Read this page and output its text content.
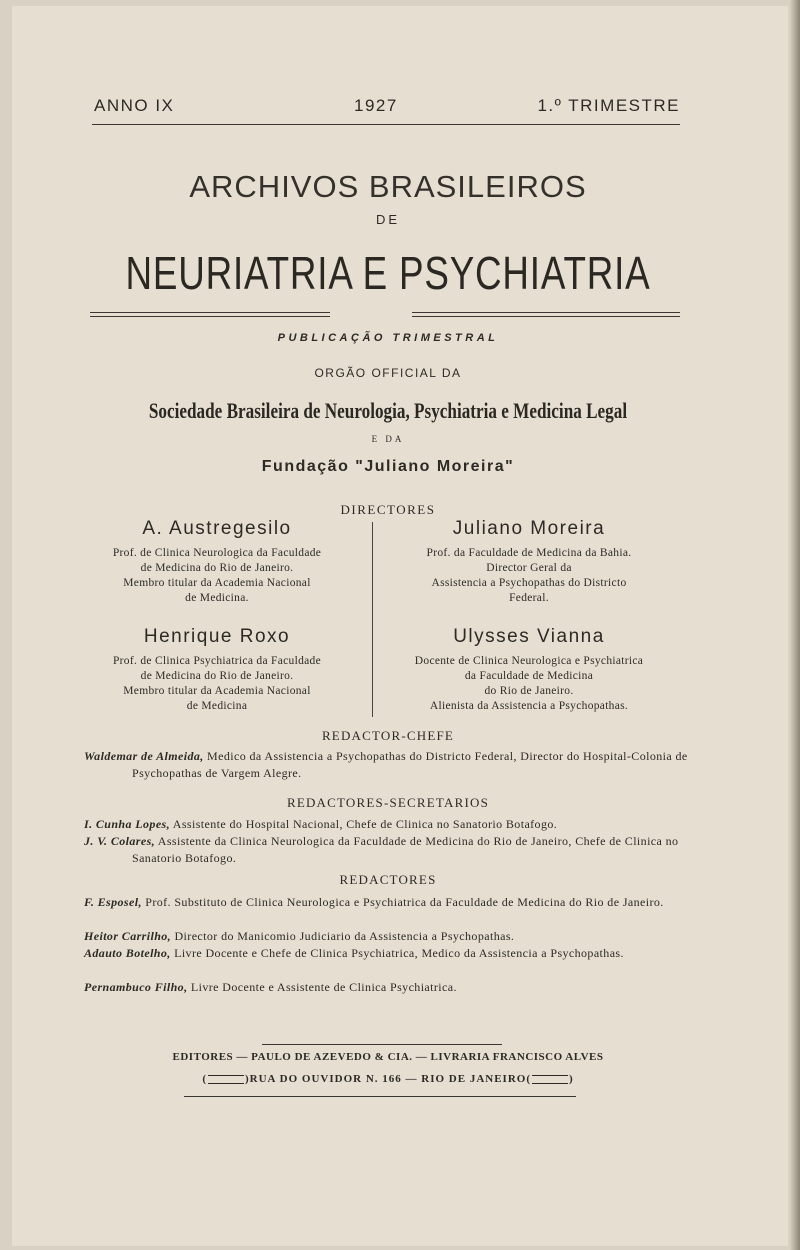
ANNO IX	1927	1.º TRIMESTRE
ARCHIVOS BRASILEIROS
DE
NEURIATRIA E PSYCHIATRIA
PUBLICAÇÃO TRIMESTRAL
ORGÃO OFFICIAL DA
Sociedade Brasileira de Neurologia, Psychiatria e Medicina Legal
E DA
Fundação "Juliano Moreira"
DIRECTORES
A. Austregesilo
Prof. de Clinica Neurologica da Faculdade
de Medicina do Rio de Janeiro.
Membro titular da Academia Nacional
de Medicina.
Juliano Moreira
Prof. da Faculdade de Medicina da Bahia.
Director Geral da
Assistencia a Psychopathas do Districto
Federal.
Henrique Roxo
Prof. de Clinica Psychiatrica da Faculdade
de Medicina do Rio de Janeiro.
Membro titular da Academia Nacional
de Medicina
Ulysses Vianna
Docente de Clinica Neurologica e Psychiatrica
da Faculdade de Medicina
do Rio de Janeiro.
Alienista da Assistencia a Psychopathas.
REDACTOR-CHEFE
Waldemar de Almeida, Medico da Assistencia a Psychopathas do Districto Federal, Director do Hospital-Colonia de Psychopathas de Vargem Alegre.
REDACTORES-SECRETARIOS
I. Cunha Lopes, Assistente do Hospital Nacional, Chefe de Clinica no Sanatorio Botafogo.
J. V. Colares, Assistente da Clinica Neurologica da Faculdade de Medicina do Rio de Janeiro, Chefe de Clinica no Sanatorio Botafogo.
REDACTORES
F. Esposel, Prof. Substituto de Clinica Neurologica e Psychiatrica da Faculdade de Medicina do Rio de Janeiro.
Heitor Carrilho, Director do Manicomio Judiciario da Assistencia a Psychopathas.
Adauto Botelho, Livre Docente e Chefe de Clinica Psychiatrica, Medico da Assistencia a Psychopathas.
Pernambuco Filho, Livre Docente e Assistente de Clinica Psychiatrica.
EDITORES — PAULO DE AZEVEDO & CIA. — LIVRARIA FRANCISCO ALVES
(	)RUA DO OUVIDOR N. 166 — RIO DE JANEIRO(	)
